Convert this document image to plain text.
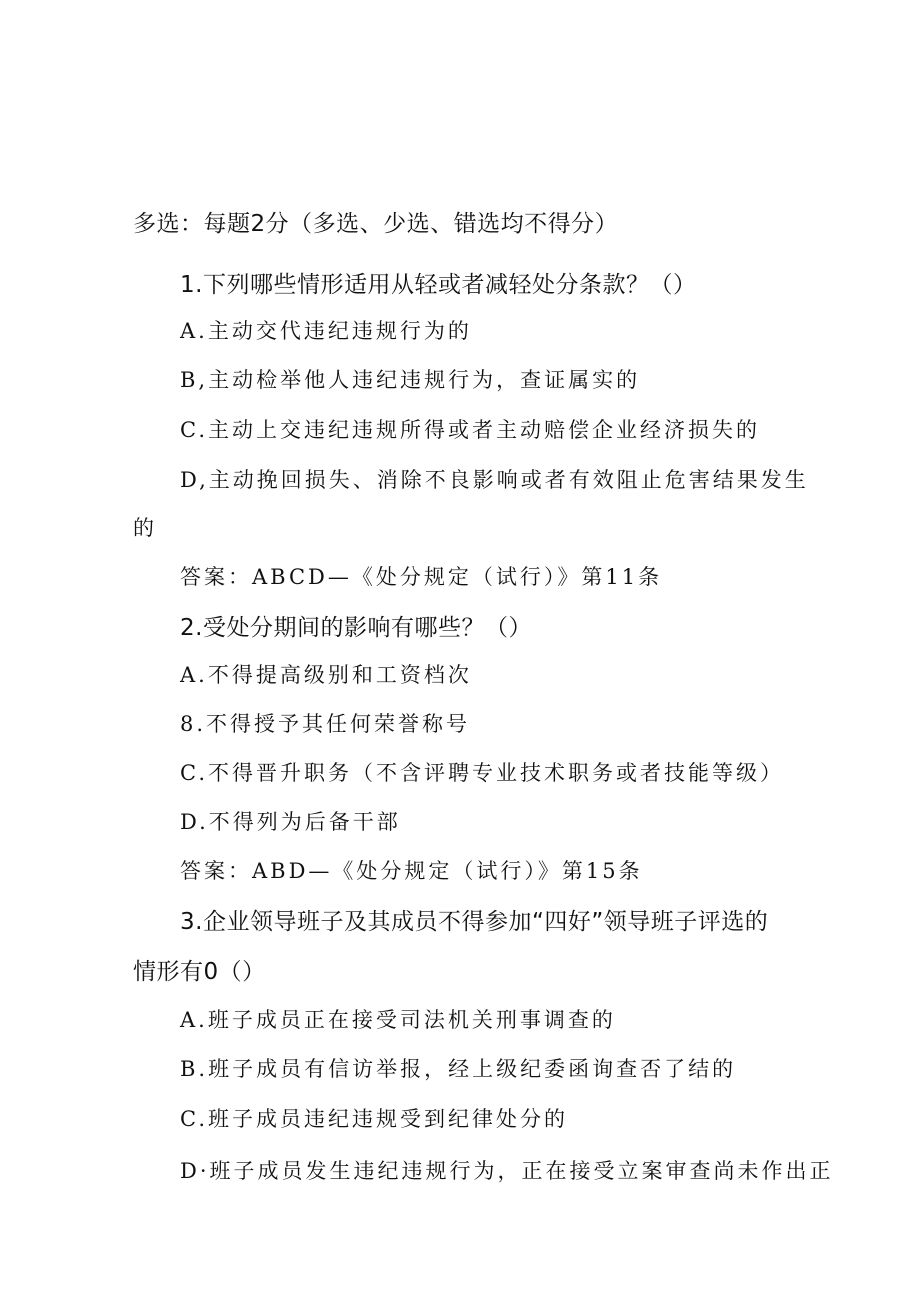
多选：每题2分（多选、少选、错选均不得分）
1.下列哪些情形适用从轻或者减轻处分条款？（）
A.主动交代违纪违规行为的
B,主动检举他人违纪违规行为，查证属实的
C.主动上交违纪违规所得或者主动赔偿企业经济损失的
D,主动挽回损失、消除不良影响或者有效阻止危害结果发生
的
答案：ABCD—《处分规定（试行）》第11条
2.受处分期间的影响有哪些？（）
A.不得提高级别和工资档次
8.不得授予其任何荣誉称号
C.不得晋升职务（不含评聘专业技术职务或者技能等级）
D.不得列为后备干部
答案：ABD—《处分规定（试行）》第15条
3.企业领导班子及其成员不得参加“四好”领导班子评选的
情形有0（）
A.班子成员正在接受司法机关刑事调查的
B.班子成员有信访举报，经上级纪委函询查否了结的
C.班子成员违纪违规受到纪律处分的
D·班子成员发生违纪违规行为，正在接受立案审查尚未作出正
